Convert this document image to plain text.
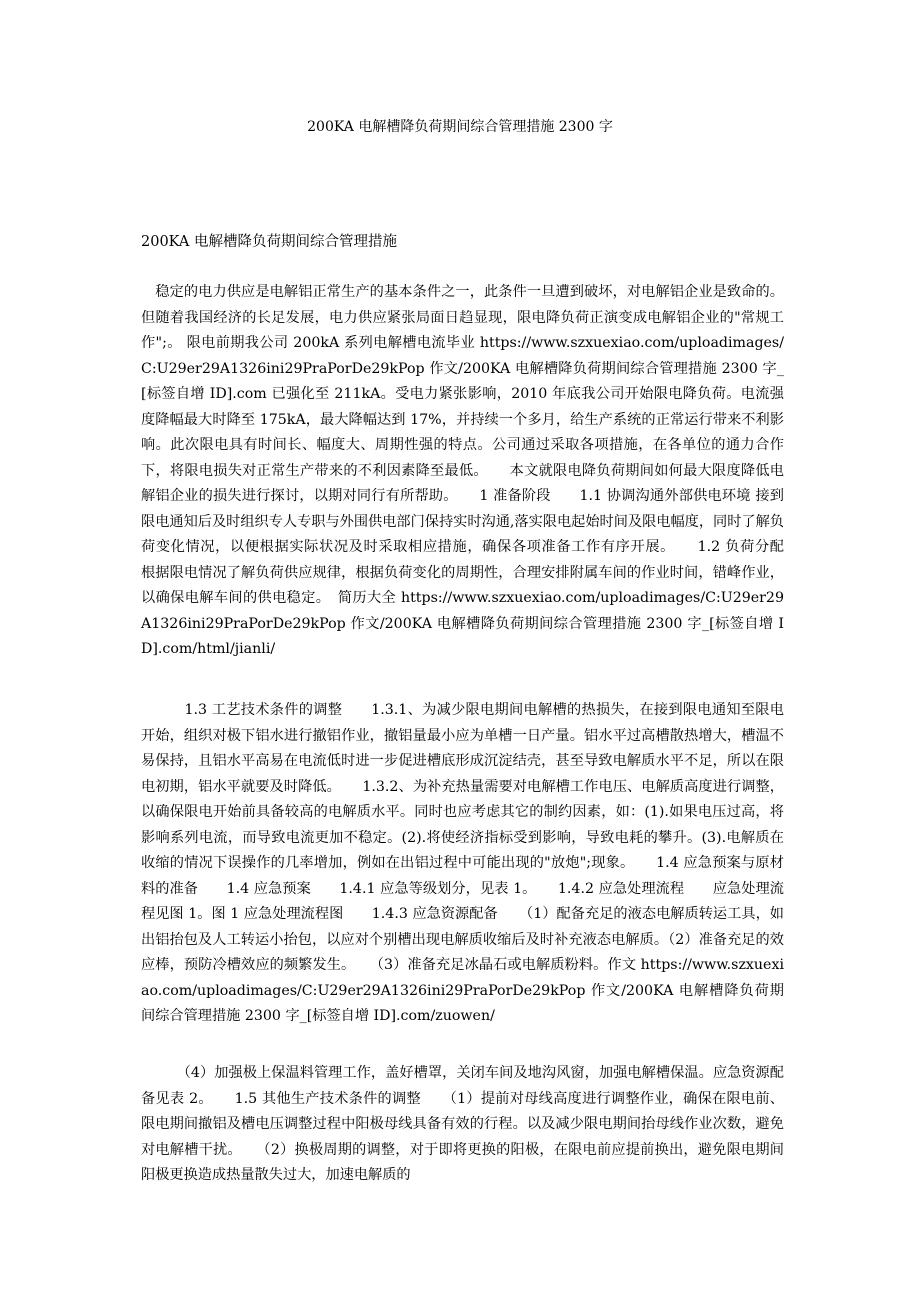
200KA 电解槽降负荷期间综合管理措施 2300 字
200KA 电解槽降负荷期间综合管理措施

　稳定的电力供应是电解铝正常生产的基本条件之一，此条件一旦遭到破坏，对电解铝企业是致命的。但随着我国经济的长足发展，电力供应紧张局面日趋显现，限电降负荷正演变成电解铝企业的"常规工作";。 限电前期我公司 200kA 系列电解槽电流毕业 https://www.szxuexiao.com/uploadimages/C:U29er29A1326ini29PraPorDe29kPop 作文/200KA 电解槽降负荷期间综合管理措施 2300 字_[标签自增 ID].com 已强化至 211kA。受电力紧张影响，2010 年底我公司开始限电降负荷。电流强度降幅最大时降至 175kA，最大降幅达到 17%，并持续一个多月，给生产系统的正常运行带来不利影响。此次限电具有时间长、幅度大、周期性强的特点。公司通过采取各项措施，在各单位的通力合作下，将限电损失对正常生产带来的不利因素降至最低。　　本文就限电降负荷期间如何最大限度降低电解铝企业的损失进行探讨，以期对同行有所帮助。　　1 准备阶段　　1.1 协调沟通外部供电环境 接到限电通知后及时组织专人专职与外围供电部门保持实时沟通,落实限电起始时间及限电幅度，同时了解负荷变化情况，以便根据实际状况及时采取相应措施，确保各项准备工作有序开展。　　1.2 负荷分配　　根据限电情况了解负荷供应规律，根据负荷变化的周期性，合理安排附属车间的作业时间，错峰作业，以确保电解车间的供电稳定。　简历大全 https://www.szxuexiao.com/uploadimages/C:U29er29A1326ini29PraPorDe29kPop 作文/200KA 电解槽降负荷期间综合管理措施 2300 字_[标签自增 ID].com/html/jianli/

　　　1.3 工艺技术条件的调整　　1.3.1、为减少限电期间电解槽的热损失，在接到限电通知至限电开始，组织对极下铝水进行撤铝作业，撤铝量最小应为单槽一日产量。铝水平过高槽散热增大，槽温不易保持，且铝水平高易在电流低时进一步促进槽底形成沉淀结壳，甚至导致电解质水平不足，所以在限电初期，铝水平就要及时降低。　　1.3.2、为补充热量需要对电解槽工作电压、电解质高度进行调整，以确保限电开始前具备较高的电解质水平。同时也应考虑其它的制约因素，如：(1).如果电压过高，将影响系列电流，而导致电流更加不稳定。(2).将使经济指标受到影响，导致电耗的攀升。(3).电解质在收缩的情况下误操作的几率增加，例如在出铝过程中可能出现的"放炮";现象。　　1.4 应急预案与原材料的准备　　1.4 应急预案　　1.4.1 应急等级划分，见表 1。　　1.4.2 应急处理流程　　应急处理流程见图 1。图 1 应急处理流程图　　1.4.3 应急资源配备　　（1）配备充足的液态电解质转运工具，如出铝抬包及人工转运小抬包，以应对个别槽出现电解质收缩后及时补充液态电解质。（2）准备充足的效应棒，预防冷槽效应的频繁发生。　　（3）准备充足冰晶石或电解质粉料。作文 https://www.szxuexiao.com/uploadimages/C:U29er29A1326ini29PraPorDe29kPop 作文/200KA 电解槽降负荷期间综合管理措施 2300 字_[标签自增 ID].com/zuowen/

　　　（4）加强极上保温料管理工作，盖好槽罩，关闭车间及地沟风窗，加强电解槽保温。应急资源配备见表 2。　　1.5 其他生产技术条件的调整　　（1）提前对母线高度进行调整作业，确保在限电前、限电期间撤铝及槽电压调整过程中阳极母线具备有效的行程。以及减少限电期间抬母线作业次数，避免对电解槽干扰。　　（2）换极周期的调整，对于即将更换的阳极，在限电前应提前换出，避免限电期间阳极更换造成热量散失过大，加速电解质的
